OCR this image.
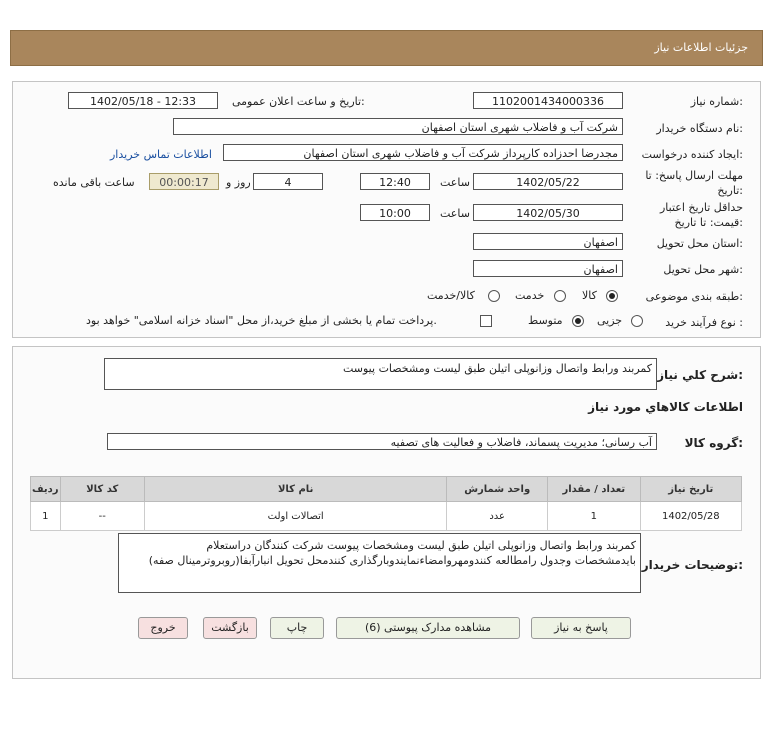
جزئیات اطلاعات نیاز
شماره نیاز:
1102001434000336
تاریخ و ساعت اعلان عمومی:
1402/05/18 - 12:33
نام دستگاه خریدار:
شرکت آب و فاضلاب شهری استان اصفهان
ایجاد کننده درخواست:
مجدرضا احدزاده کارپرداز شرکت آب و فاضلاب شهری استان اصفهان
اطلاعات تماس خریدار
مهلت ارسال پاسخ: تا تاریخ:
1402/05/22
ساعت
12:40
4
روز و
00:00:17
ساعت باقی مانده
حداقل تاریخ اعتبار قیمت: تا تاریخ:
1402/05/30
ساعت
10:00
استان محل تحویل:
اصفهان
شهر محل تحویل:
اصفهان
طبقه بندی موضوعی:
کالا
خدمت
کالا/خدمت
نوع فرآیند خرید :
جزیی
متوسط
پرداخت تمام یا بخشی از مبلغ خرید،از محل "اسناد خزانه اسلامی" خواهد بود.
شرح کلي نياز:
کمربند ورابط واتصال وزانوپلی اتیلن طبق لیست ومشخصات پیوست
اطلاعات کالاهاي مورد نياز
گروه کالا:
آب رسانی؛ مدیریت پسماند، فاضلاب و فعالیت های تصفیه
ردیف	کد کالا	نام کالا	واحد شمارش	تعداد / مقدار	تاریخ نیاز
1	--	اتصالات اولت	عدد	1	1402/05/28
توضیحات خریدار:
کمربند ورابط واتصال وزانوپلی اتیلن طبق لیست ومشخصات پیوست شرکت کنندگان دراستعلام
بایدمشخصات وجدول رامطالعه کنندومهروامضاءنمایندوبارگذاری کنندمحل تحویل انبارآبفا(روبروترمینال صفه)
پاسخ به نیاز
مشاهده مدارک پیوستی (6)
چاپ
بازگشت
خروج
